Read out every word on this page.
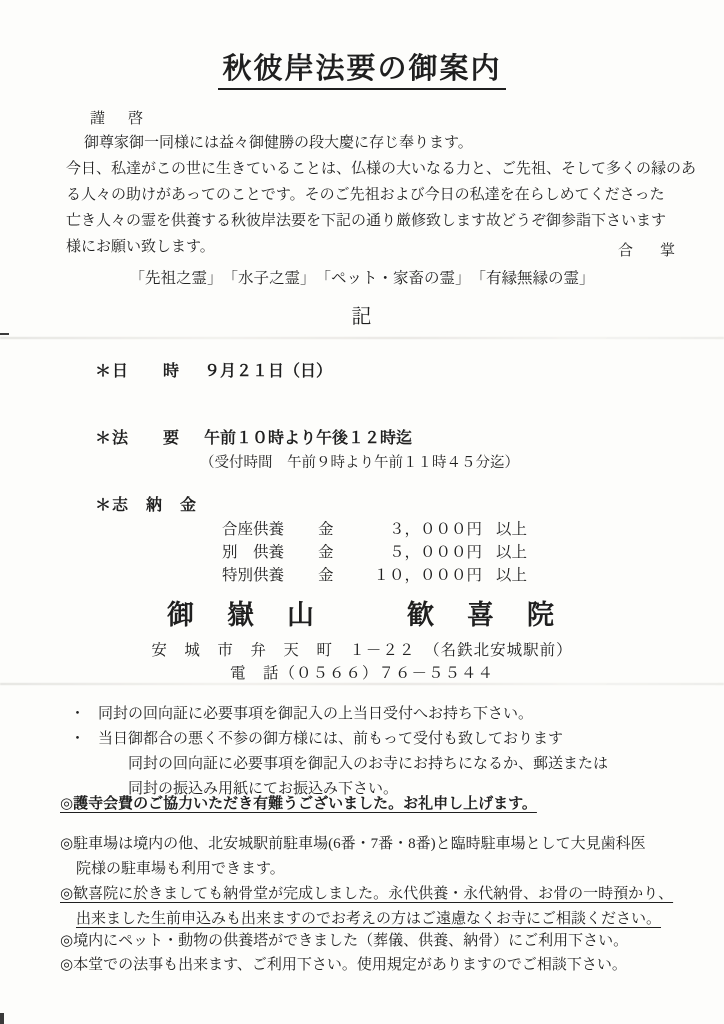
秋彼岸法要の御案内
謹　啓
御尊家御一同様には益々御健勝の段大慶に存じ奉ります。
今日、私達がこの世に生きていることは、仏様の大いなる力と、ご先祖、そして多くの縁のあ
る人々の助けがあってのことです。そのご先祖および今日の私達を在らしめてくださった
亡き人々の霊を供養する秋彼岸法要を下記の通り厳修致します故どうぞ御参詣下さいます
様にお願い致します。	合　掌
「先祖之霊」　「水子之霊」　「ペット・家畜の霊」　「有縁無縁の霊」
記
＊日　　時 ９月２１日（日）
＊法　　要 午前１０時より午後１２時迄
（受付時間　午前９時より午前１１時４５分迄）
＊志　納　金
合座供養	金	３，０００円 以上
別　供養	金	５，０００円 以上
特別供養	金	１０，０００円 以上
御　嶽　山　　　歓　喜　院
安　城　市　弁　天　町　１－２２　（名鉄北安城駅前）
電　話（０５６６）７６－５５４４
・ 同封の回向証に必要事項を御記入の上当日受付へお持ち下さい。
・ 当日御都合の悪く不参の御方様には、前もって受付も致しております
同封の回向証に必要事項を御記入のお寺にお持ちになるか、郵送または
同封の振込み用紙にてお振込み下さい。
◎護寺会費のご協力いただき有難うございました。お礼申し上げます。
◎駐車場は境内の他、北安城駅前駐車場(6番・7番・8番)と臨時駐車場として大見歯科医
院様の駐車場も利用できます。
◎歓喜院に於きましても納骨堂が完成しました。永代供養・永代納骨、お骨の一時預かり、
出来ました生前申込みも出来ますのでお考えの方はご遠慮なくお寺にご相談ください。
◎境内にペット・動物の供養塔ができました（葬儀、供養、納骨）にご利用下さい。
◎本堂での法事も出来ます、ご利用下さい。使用規定がありますのでご相談下さい。
